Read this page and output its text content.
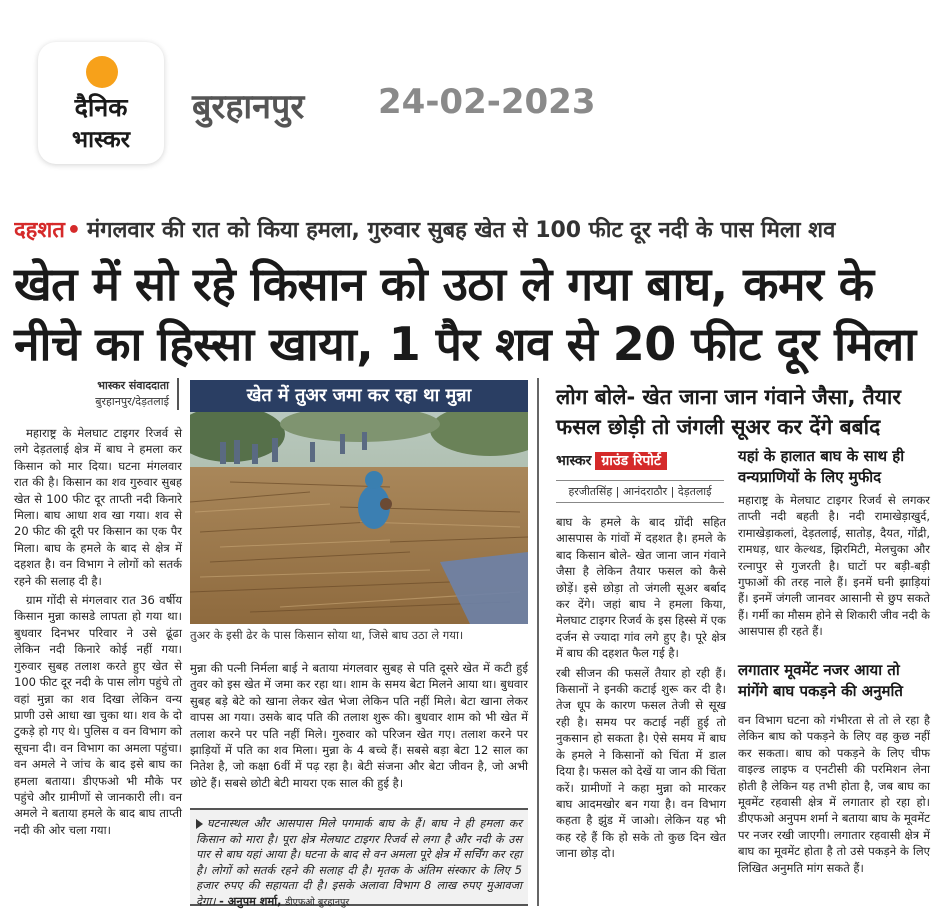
दैनिक
भास्कर
बुरहानपुर 24-02-2023
दहशत• मंगलवार की रात को किया हमला, गुरुवार सुबह खेत से 100 फीट दूर नदी के पास मिला शव
खेत में सो रहे किसान को उठा ले गया बाघ, कमर के नीचे का हिस्सा खाया, 1 पैर शव से 20 फीट दूर मिला
भास्कर संवाददाता
बुरहानपुर/देड़तलाई

महाराष्ट्र के मेलघाट टाइगर रिजर्व से लगे देड़तलाई क्षेत्र में बाघ ने हमला कर किसान को मार दिया। घटना मंगलवार रात की है। किसान का शव गुरुवार सुबह खेत से 100 फीट दूर ताप्ती नदी किनारे मिला। बाघ आधा शव खा गया। शव से 20 फीट की दूरी पर किसान का एक पैर मिला। बाघ के हमले के बाद से क्षेत्र में दहशत है। वन विभाग ने लोगों को सतर्क रहने की सलाह दी है।

ग्राम गोंदी से मंगलवार रात 36 वर्षीय किसान मुन्ना कासडे लापता हो गया था। बुधवार दिनभर परिवार ने उसे ढूंढा लेकिन नदी किनारे कोई नहीं गया। गुरुवार सुबह तलाश करते हुए खेत से 100 फीट दूर नदी के पास लोग पहुंचे तो वहां मुन्ना का शव दिखा लेकिन वन्य प्राणी उसे आधा खा चुका था। शव के दो टुकड़े हो गए थे। पुलिस व वन विभाग को सूचना दी। वन विभाग का अमला पहुंचा। वन अमले ने जांच के बाद इसे बाघ का हमला बताया। डीएफओ भी मौके पर पहुंचे और ग्रामीणों से जानकारी ली। वन अमले ने बताया हमले के बाद बाघ ताप्ती नदी की ओर चला गया।

खेत में तुअर जमा कर रहा था मुन्ना
तुअर के इसी ढेर के पास किसान सोया था, जिसे बाघ उठा ले गया।

मुन्ना की पत्नी निर्मला बाई ने बताया मंगलवार सुबह से पति दूसरे खेत में कटी हुई तुवर को इस खेत में जमा कर रहा था। शाम के समय बेटा मिलने आया था। बुधवार सुबह बड़े बेटे को खाना लेकर खेत भेजा लेकिन पति नहीं मिले। बेटा खाना लेकर वापस आ गया। उसके बाद पति की तलाश शुरू की। बुधवार शाम को भी खेत में तलाश करने पर पति नहीं मिले। गुरुवार को परिजन खेत गए। तलाश करने पर झाड़ियों में पति का शव मिला। मुन्ना के 4 बच्चे हैं। सबसे बड़ा बेटा 12 साल का नितेश है, जो कक्षा 6वीं में पढ़ रहा है। बेटी संजना और बेटा जीवन है, जो अभी छोटे हैं। सबसे छोटी बेटी मायरा एक साल की हुई है।

घटनास्थल और आसपास मिले पगमार्क बाघ के हैं। बाघ ने ही हमला कर किसान को मारा है। पूरा क्षेत्र मेलघाट टाइगर रिजर्व से लगा है और नदी के उस पार से बाघ यहां आया है। घटना के बाद से वन अमला पूरे क्षेत्र में सर्चिंग कर रहा है। लोगों को सतर्क रहने की सलाह दी है। मृतक के अंतिम संस्कार के लिए 5 हजार रुपए की सहायता दी है। इसके अलावा विभाग 8 लाख रुपए मुआवजा देगा। - अनुपम शर्मा, डीएफओ बुरहानपुर
लोग बोले- खेत जाना जान गंवाने जैसा, तैयार फसल छोड़ी तो जंगली सूअर कर देंगे बर्बाद
भास्कर ग्राउंड रिपोर्ट
हरजीतसिंह | आनंदराठौर | देड़तलाई

बाघ के हमले के बाद ग्रोंदी सहित आसपास के गांवों में दहशत है। हमले के बाद किसान बोले- खेत जाना जान गंवाने जैसा है लेकिन तैयार फसल को कैसे छोड़ें। इसे छोड़ा तो जंगली सूअर बर्बाद कर देंगे। जहां बाघ ने हमला किया, मेलघाट टाइगर रिजर्व के इस हिस्से में एक दर्जन से ज्यादा गांव लगे हुए है। पूरे क्षेत्र में बाघ की दहशत फैल गई है।

रबी सीजन की फसलें तैयार हो रही हैं। किसानों ने इनकी कटाई शुरू कर दी है। तेज धूप के कारण फसल तेजी से सूख रही है। समय पर कटाई नहीं हुई तो नुकसान हो सकता है। ऐसे समय में बाघ के हमले ने किसानों को चिंता में डाल दिया है। फसल को देखें या जान की चिंता करें। ग्रामीणों ने कहा मुन्ना को मारकर बाघ आदमखोर बन गया है। वन विभाग कहता है झुंड में जाओ। लेकिन यह भी कह रहे हैं कि हो सके तो कुछ दिन खेत जाना छोड़ दो।

यहां के हालात बाघ के साथ ही वन्यप्राणियों के लिए मुफीद

महाराष्ट्र के मेलघाट टाइगर रिजर्व से लगकर ताप्ती नदी बहती है। नदी रामाखेड़ाखुर्द, रामाखेड़ाकलां, देड़तलाई, सातोड़, दैयत, गोंद्री, रामधड़, धार केल्थड, झिरमिटी, मेलचुका और रत्नापुर से गुजरती है। घाटों पर बड़ी-बड़ी गुफाओं की तरह नाले हैं। इनमें घनी झाड़ियां हैं। इनमें जंगली जानवर आसानी से छुप सकते हैं। गर्मी का मौसम होने से शिकारी जीव नदी के आसपास ही रहते हैं।

लगातार मूवमेंट नजर आया तो मांगेंगे बाघ पकड़ने की अनुमति

वन विभाग घटना को गंभीरता से तो ले रहा है लेकिन बाघ को पकड़ने के लिए वह कुछ नहीं कर सकता। बाघ को पकड़ने के लिए चीफ वाइल्ड लाइफ व एनटीसी की परमिशन लेना होती है लेकिन यह तभी होता है, जब बाघ का मूवमेंट रहवासी क्षेत्र में लगातार हो रहा हो। डीएफओ अनुपम शर्मा ने बताया बाघ के मूवमेंट पर नजर रखी जाएगी। लगातार रहवासी क्षेत्र में बाघ का मूवमेंट होता है तो उसे पकड़ने के लिए लिखित अनुमति मांग सकते हैं।
